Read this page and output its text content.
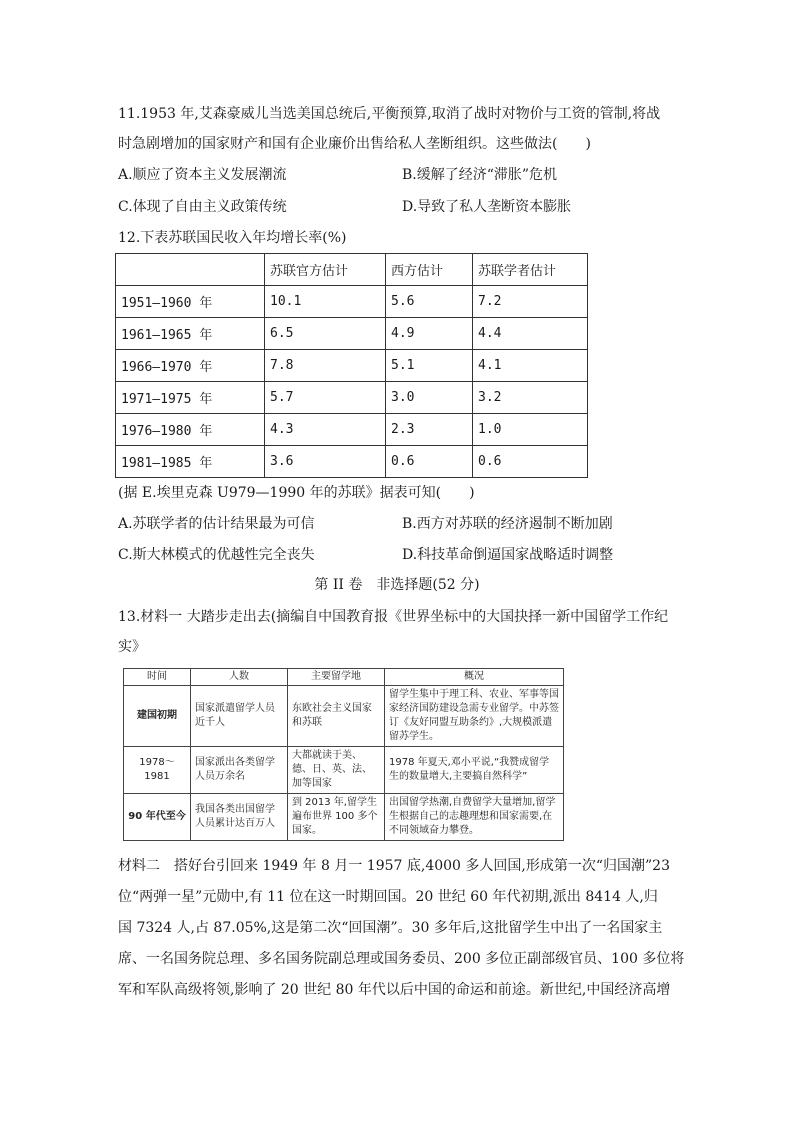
11.1953 年,艾森豪威儿当选美国总统后,平衡预算,取消了战时对物价与工资的管制,将战
时急剧增加的国家财产和国有企业廉价出售给私人垄断组织。这些做法(　　)
A.顺应了资本主义发展潮流	B.缓解了经济“滞胀”危机
C.体现了自由主义政策传统	D.导致了私人垄断资本膨胀
12.下表苏联国民收入年均增长率(%)
	苏联官方估计	西方估计	苏联学者估计
1951—1960 年	10.1	5.6	7.2
1961—1965 年	6.5	4.9	4.4
1966—1970 年	7.8	5.1	4.1
1971—1975 年	5.7	3.0	3.2
1976—1980 年	4.3	2.3	1.0
1981—1985 年	3.6	0.6	0.6
(据 E.埃里克森 U979—1990 年的苏联》据表可知(　　)
A.苏联学者的估计结果最为可信	B.西方对苏联的经济遏制不断加剧
C.斯大林模式的优越性完全丧失	D.科技革命倒逼国家战略适时调整
第 II 卷　非选择题(52 分)
13.材料一 大踏步走出去(摘编自中国教育报《世界坐标中的大国抉择一新中国留学工作纪
实》
时间	人数	主要留学地	概况
建国初期	国家派遣留学人员近千人	东欧社会主义国家和苏联	留学生集中于理工科、农业、军事等国家经济国防建设急需专业留学。中苏签订《友好同盟互助条约》,大规模派遣留苏学生。
1978～1981	国家派出各类留学人员万余名	大都就读于美、德、日、英、法、加等国家	1978 年夏天,邓小平说,“我赞成留学生的数量增大,主要搞自然科学”
90 年代至今	我国各类出国留学人员累计达百万人	到 2013 年,留学生遍布世界 100 多个国家。	出国留学热潮,自费留学大量增加,留学生根据自己的志趣理想和国家需要,在不同领域奋力攀登。
材料二　搭好台引回来 1949 年 8 月一 1957 底,4000 多人回国,形成第一次“归国潮”23
位“两弹一星”元勋中,有 11 位在这一时期回国。20 世纪 60 年代初期,派出 8414 人,归
国 7324 人,占 87.05%,这是第二次“回国潮”。30 多年后,这批留学生中出了一名国家主
席、一名国务院总理、多名国务院副总理或国务委员、200 多位正副部级官员、100 多位将
军和军队高级将领,影响了 20 世纪 80 年代以后中国的命运和前途。新世纪,中国经济高增
